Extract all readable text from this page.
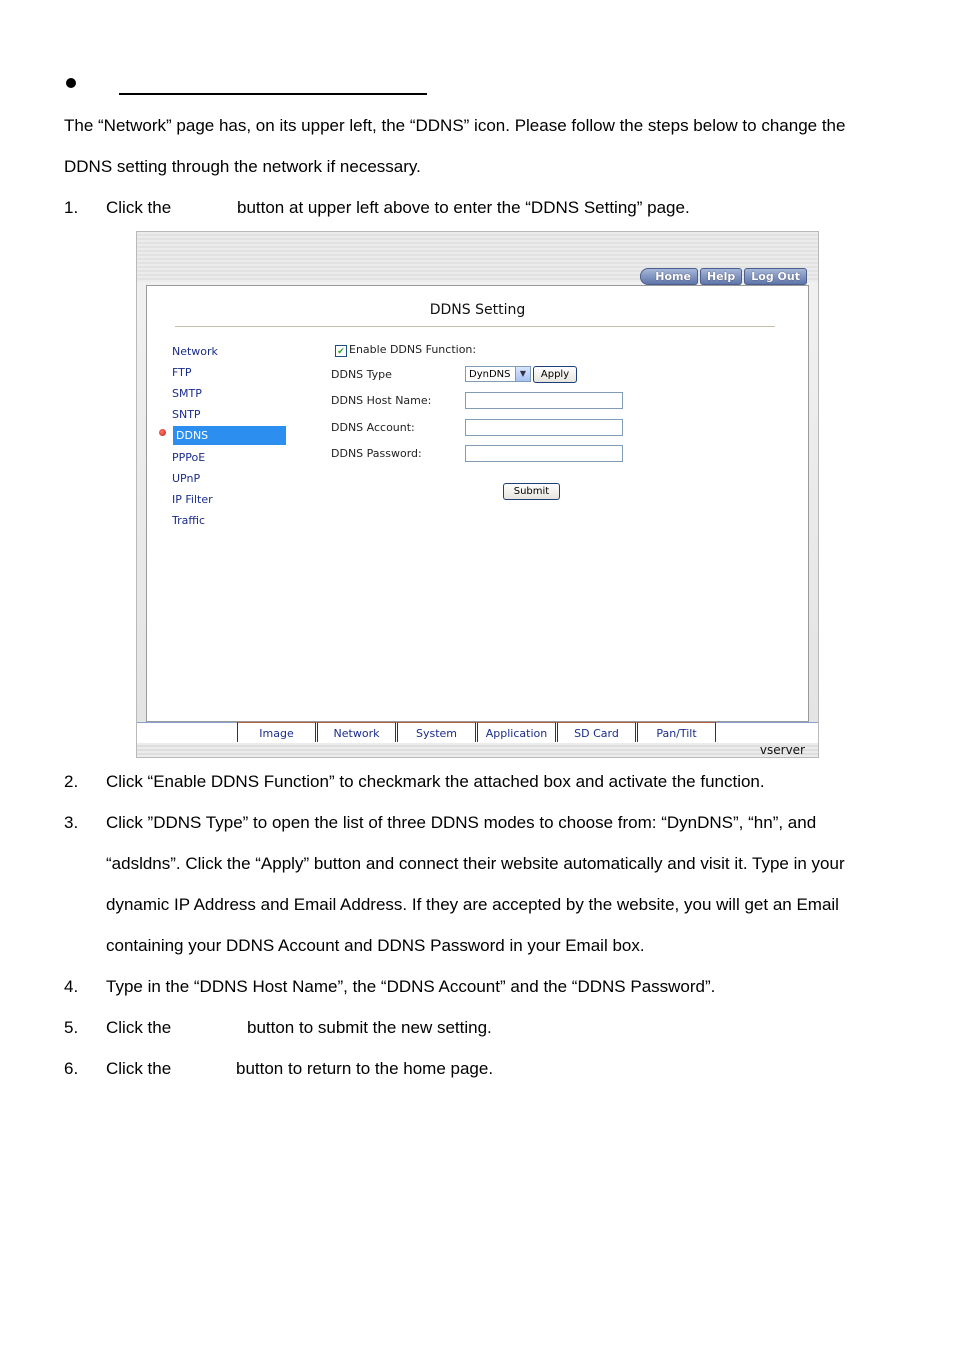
The “Network” page has, on its upper left, the “DDNS” icon. Please follow the steps below to change the
DDNS setting through the network if necessary.
1. Click the	button at upper left above to enter the “DDNS Setting” page.
Home	Help	Log Out
DDNS Setting
Network
FTP
SMTP
SNTP
DDNS
PPPoE
UPnP
IP Filter
Traffic
✔ Enable DDNS Function:
DDNS Type	DynDNS	▼	Apply
DDNS Host Name:
DDNS Account:
DDNS Password:
Submit
Image	Network	System	Application	SD Card	Pan/Tilt
vserver
2. Click “Enable DDNS Function” to checkmark the attached box and activate the function.
3. Click ”DDNS Type” to open the list of three DDNS modes to choose from: “DynDNS”, “hn”, and
“adsldns”. Click the “Apply” button and connect their website automatically and visit it. Type in your
dynamic IP Address and Email Address. If they are accepted by the website, you will get an Email
containing your DDNS Account and DDNS Password in your Email box.
4. Type in the “DDNS Host Name”, the “DDNS Account” and the “DDNS Password”.
5. Click the	button to submit the new setting.
6. Click the	button to return to the home page.
